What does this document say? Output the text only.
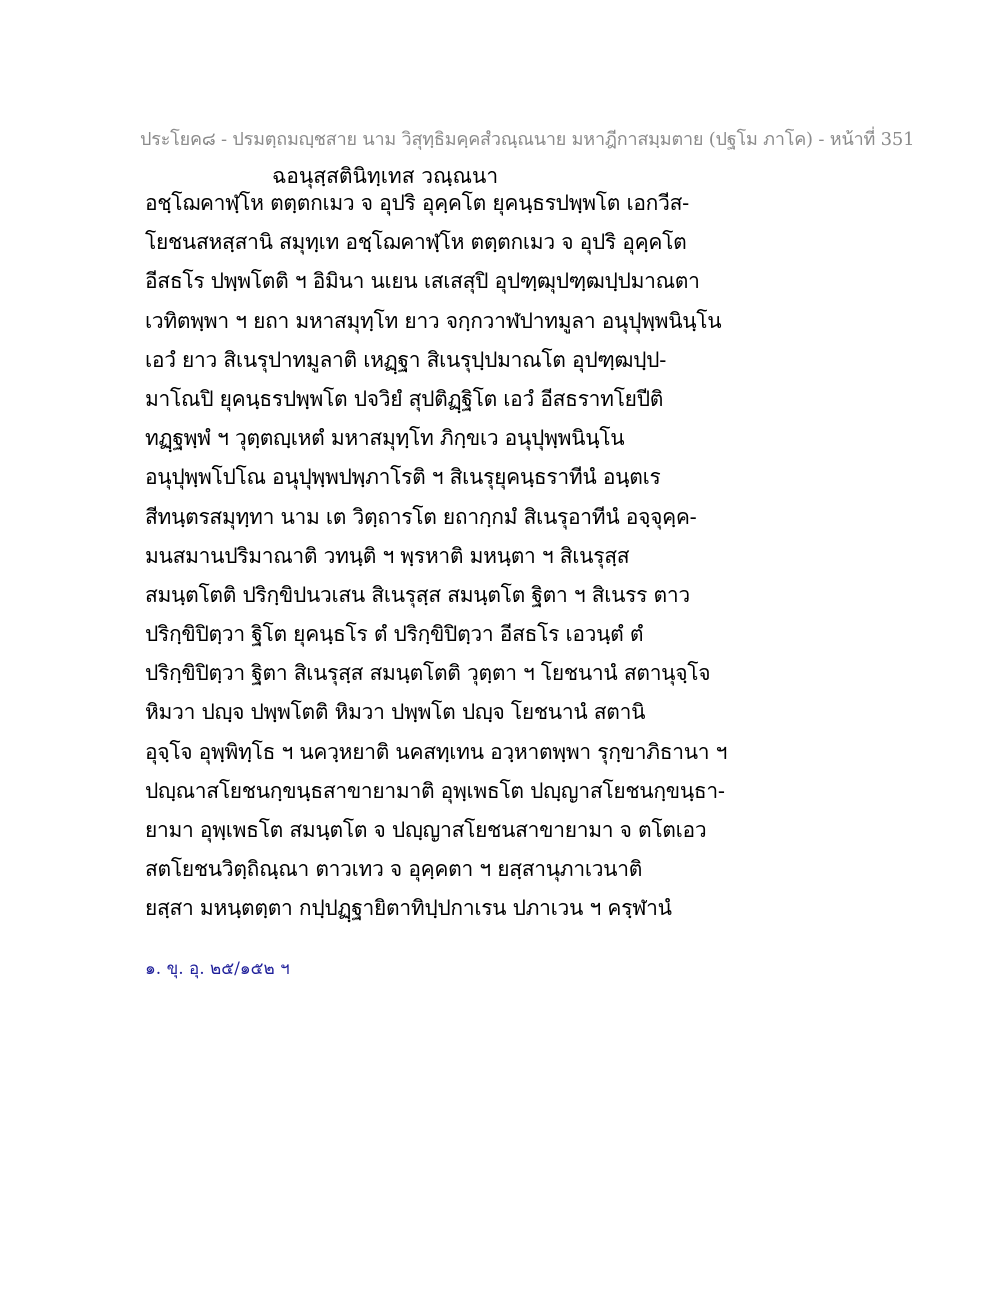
ประโยค๘ - ปรมตฺถมญฺชสาย นาม วิสุทฺธิมคฺคสํวณฺณนาย มหาฎีกาสมฺมตาย (ปฐโม ภาโค) - หน้าที่ 351
ฉอนุสฺสตินิทฺเทส วณฺณนา
อชฺโฌคาฬฺโห ตตฺตกเมว จ อุปริ อุคฺคโต ยุคนฺธรปพฺพโต เอกวีส-
โยชนสหสฺสานิ สมุทฺเท อชฺโฌคาฬฺโห ตตฺตกเมว จ อุปริ อุคฺคโต
อีสธโร ปพฺพโตติ ฯ อิมินา นเยน เสเสสุปิ อุปฑฺฒุปฑฺฒปฺปมาณตา
เวทิตพฺพา ฯ ยถา มหาสมุทฺโท ยาว จกฺกวาฬปาทมูลา อนุปุพฺพนินฺโน
เอวํ ยาว สิเนรุปาทมูลาติ เหฏฺฐา สิเนรุปฺปมาณโต อุปฑฺฒปฺป-
มาโณปิ ยุคนฺธรปพฺพโต ปจวิยํ สุปติฏฺฐิโต เอวํ อีสธราทโยปีติ
ทฏฺฐพฺพํ ฯ วุตฺตญฺเหตํ มหาสมุทฺโท ภิกฺขเว อนุปุพฺพนินฺโน
อนุปุพฺพโปโณ อนุปุพฺพปพฺภาโรติ ฯ สิเนรุยุคนฺธราทีนํ อนฺตเร
สีทนฺตรสมุทฺทา นาม เต วิตฺถารโต ยถากฺกมํ สิเนรุอาทีนํ อจฺจุคฺค-
มนสมานปริมาณาติ วทนฺติ ฯ พฺรหาติ มหนฺตา ฯ สิเนรุสฺส
สมนฺตโตติ ปริกฺขิปนวเสน สิเนรุสฺส สมนฺตโต ฐิตา ฯ สิเนรร ตาว
ปริกฺขิปิตฺวา ฐิโต ยุคนฺธโร ตํ ปริกฺขิปิตฺวา อีสธโร เอวนฺตํ ตํ
ปริกฺขิปิตฺวา ฐิตา สิเนรุสฺส สมนฺตโตติ วุตฺตา ฯ โยชนานํ สตานุจฺโจ
หิมวา ปญฺจ ปพฺพโตติ หิมวา ปพฺพโต ปญฺจ โยชนานํ สตานิ
อุจฺโจ อุพฺพิทฺโธ ฯ นควฺหยาติ นคสทฺเทน อวฺหาตพฺพา รุกฺขาภิธานา ฯ
ปญฺณาสโยชนกฺขนฺธสาขายามาติ อุพฺเพธโต ปญฺญาสโยชนกฺขนฺธา-
ยามา อุพฺเพธโต สมนฺตโต จ ปญฺญาสโยชนสาขายามา จ ตโตเอว
สตโยชนวิตฺถิณฺณา ตาวเทว จ อุคฺคตา ฯ ยสฺสานุภาเวนาติ
ยสฺสา มหนฺตตฺตา กปฺปฏฺฐายิตาทิปฺปกาเรน ปภาเวน ฯ ครฺฬานํ
๑. ขุ. อุ. ๒๕/๑๕๒ ฯ
